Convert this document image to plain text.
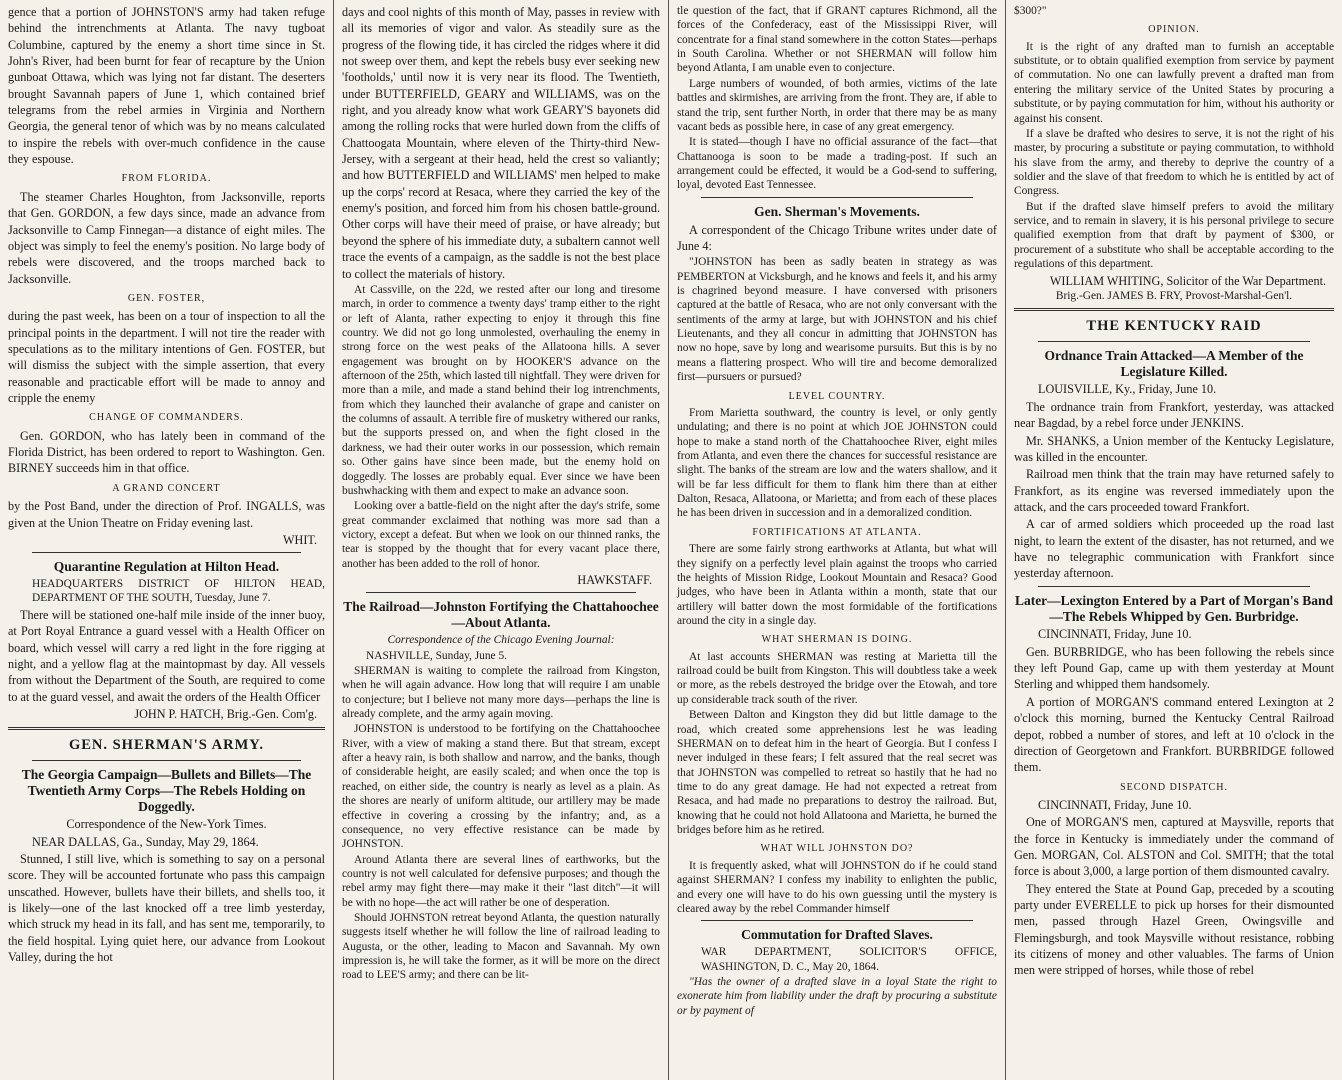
gence that a portion of JOHNSTON'S army had taken refuge behind the intrenchments at Atlanta. The navy tugboat Columbine, captured by the enemy a short time since in St. John's River, had been burnt for fear of recapture by the Union gunboat Ottawa, which was lying not far distant. The deserters brought Savannah papers of June 1, which contained brief telegrams from the rebel armies in Virginia and Northern Georgia, the general tenor of which was by no means calculated to inspire the rebels with over-much confidence in the cause they espouse.

FROM FLORIDA.

The steamer Charles Houghton, from Jacksonville, reports that Gen. GORDON, a few days since, made an advance from Jacksonville to Camp Finnegan—a distance of eight miles. The object was simply to feel the enemy's position. No large body of rebels were discovered, and the troops marched back to Jacksonville.

GEN. FOSTER,

during the past week, has been on a tour of inspection to all the principal points in the department. I will not tire the reader with speculations as to the military intentions of Gen. FOSTER, but will dismiss the subject with the simple assertion, that every reasonable and practicable effort will be made to annoy and cripple the enemy

CHANGE OF COMMANDERS.

Gen. GORDON, who has lately been in command of the Florida District, has been ordered to report to Washington. Gen. BIRNEY succeeds him in that office.

A GRAND CONCERT

by the Post Band, under the direction of Prof. INGALLS, was given at the Union Theatre on Friday evening last.

WHIT.
Quarantine Regulation at Hilton Head.

HEADQUARTERS DISTRICT OF HILTON HEAD, DEPARTMENT OF THE SOUTH, Tuesday, June 7.

There will be stationed one-half mile inside of the inner buoy, at Port Royal Entrance a guard vessel with a Health Officer on board, which vessel will carry a red light in the fore rigging at night, and a yellow flag at the maintopmast by day. All vessels from without the Department of the South, are required to come to at the guard vessel, and await the orders of the Health Officer

JOHN P. HATCH, Brig.-Gen. Com'g.
GEN. SHERMAN'S ARMY.
The Georgia Campaign—Bullets and Billets—The Twentieth Army Corps—The Rebels Holding on Doggedly.

Correspondence of the New-York Times.

NEAR DALLAS, Ga., Sunday, May 29, 1864.

Stunned, I still live, which is something to say on a personal score. They will be accounted fortunate who pass this campaign unscathed. However, bullets have their billets, and shells too, it is likely—one of the last knocked off a tree limb yesterday, which struck my head in its fall, and has sent me, temporarily, to the field hospital. Lying quiet here, our advance from Lookout Valley, during the hot

days and cool nights of this month of May, passes in review with all its memories of vigor and valor. As steadily sure as the progress of the flowing tide, it has circled the ridges where it did not sweep over them, and kept the rebels busy ever seeking new 'footholds,' until now it is very near its flood. The Twentieth, under BUTTERFIELD, GEARY and WILLIAMS, was on the right, and you already know what work GEARY'S bayonets did among the rolling rocks that were hurled down from the cliffs of Chattoogata Mountain, where eleven of the Thirty-third New-Jersey, with a sergeant at their head, held the crest so valiantly; and how BUTTERFIELD and WILLIAMS' men helped to make up the corps' record at Resaca, where they carried the key of the enemy's position, and forced him from his chosen battle-ground. Other corps will have their meed of praise, or have already; but beyond the sphere of his immediate duty, a subaltern cannot well trace the events of a campaign, as the saddle is not the best place to collect the materials of history.

At Cassville, on the 22d, we rested after our long and tiresome march, in order to commence a twenty days' tramp either to the right or left of Alanta, rather expecting to enjoy it through this fine country. We did not go long unmolested, overhauling the enemy in strong force on the west peaks of the Allatoona hills. A sever engagement was brought on by HOOKER'S advance on the afternoon of the 25th, which lasted till nightfall. They were driven for more than a mile, and made a stand behind their log intrenchments, from which they launched their avalanche of grape and canister on the columns of assault. A terrible fire of musketry withered our ranks, but the supports pressed on, and when the fight closed in the darkness, we had their outer works in our possession, which remain so. Other gains have since been made, but the enemy hold on doggedly. The losses are probably equal. Ever since we have been bushwhacking with them and expect to make an advance soon.

Looking over a battle-field on the night after the day's strife, some great commander exclaimed that nothing was more sad than a victory, except a defeat. But when we look on our thinned ranks, the tear is stopped by the thought that for every vacant place there, another has been added to the roll of honor.

HAWKSTAFF.
The Railroad—Johnston Fortifying the Chattahoochee—About Atlanta.

Correspondence of the Chicago Evening Journal:

NASHVILLE, Sunday, June 5.

SHERMAN is waiting to complete the railroad from Kingston, when he will again advance. How long that will require I am unable to conjecture; but I believe not many more days—perhaps the line is already complete, and the army again moving.

JOHNSTON is understood to be fortifying on the Chattahoochee River, with a view of making a stand there. But that stream, except after a heavy rain, is both shallow and narrow, and the banks, though of considerable height, are easily scaled; and when once the top is reached, on either side, the country is nearly as level as a plain. As the shores are nearly of uniform altitude, our artillery may be made effective in covering a crossing by the infantry; and, as a consequence, no very effective resistance can be made by JOHNSTON.

Around Atlanta there are several lines of earthworks, but the country is not well calculated for defensive purposes; and though the rebel army may fight there—may make it their "last ditch"—it will be with no hope—the act will rather be one of desperation.

Should JOHNSTON retreat beyond Atlanta, the question naturally suggests itself whether he will follow the line of railroad leading to Augusta, or the other, leading to Macon and Savannah. My own impression is, he will take the former, as it will be more on the direct road to LEE'S army; and there can be lit-

tle question of the fact, that if GRANT captures Richmond, all the forces of the Confederacy, east of the Mississippi River, will concentrate for a final stand somewhere in the cotton States—perhaps in South Carolina. Whether or not SHERMAN will follow him beyond Atlanta, I am unable even to conjecture.

Large numbers of wounded, of both armies, victims of the late battles and skirmishes, are arriving from the front. They are, if able to stand the trip, sent further North, in order that there may be as many vacant beds as possible here, in case of any great emergency.

It is stated—though I have no official assurance of the fact—that Chattanooga is soon to be made a trading-post. If such an arrangement could be effected, it would be a God-send to suffering, loyal, devoted East Tennessee.

Gen. Sherman's Movements.

A correspondent of the Chicago Tribune writes under date of June 4:

"JOHNSTON has been as sadly beaten in strategy as was PEMBERTON at Vicksburgh, and he knows and feels it, and his army is chagrined beyond measure. I have conversed with prisoners captured at the battle of Resaca, who are not only conversant with the sentiments of the army at large, but with JOHNSTON and his chief Lieutenants, and they all concur in admitting that JOHNSTON has now no hope, save by long and wearisome pursuits. But this is by no means a flattering prospect. Who will tire and become demoralized first—pursuers or pursued?

LEVEL COUNTRY.

From Marietta southward, the country is level, or only gently undulating; and there is no point at which JOE JOHNSTON could hope to make a stand north of the Chattahoochee River, eight miles from Atlanta, and even there the chances for successful resistance are slight. The banks of the stream are low and the waters shallow, and it will be far less difficult for them to flank him there than at either Dalton, Resaca, Allatoona, or Marietta; and from each of these places he has been driven in succession and in a demoralized condition.

FORTIFICATIONS AT ATLANTA.

There are some fairly strong earthworks at Atlanta, but what will they signify on a perfectly level plain against the troops who carried the heights of Mission Ridge, Lookout Mountain and Resaca? Good judges, who have been in Atlanta within a month, state that our artillery will batter down the most formidable of the fortifications around the city in a single day.

WHAT SHERMAN IS DOING.

At last accounts SHERMAN was resting at Marietta till the railroad could be built from Kingston. This will doubtless take a week or more, as the rebels destroyed the bridge over the Etowah, and tore up considerable track south of the river.

Between Dalton and Kingston they did but little damage to the road, which created some apprehensions lest he was leading SHERMAN on to defeat him in the heart of Georgia. But I confess I never indulged in these fears; I felt assured that the real secret was that JOHNSTON was compelled to retreat so hastily that he had no time to do any great damage. He had not expected a retreat from Resaca, and had made no preparations to destroy the railroad. But, knowing that he could not hold Allatoona and Marietta, he burned the bridges before him as he retired.

WHAT WILL JOHNSTON DO?

It is frequently asked, what will JOHNSTON do if he could stand against SHERMAN? I confess my inability to enlighten the public, and every one will have to do his own guessing until the mystery is cleared away by the rebel Commander himself

Commutation for Drafted Slaves.

WAR DEPARTMENT, SOLICITOR'S OFFICE, WASHINGTON, D. C., May 20, 1864.

"Has the owner of a drafted slave in a loyal State the right to exonerate him from liability under the draft by procuring a substitute or by payment of

$300?"

OPINION.

It is the right of any drafted man to furnish an acceptable substitute, or to obtain qualified exemption from service by payment of commutation. No one can lawfully prevent a drafted man from entering the military service of the United States by procuring a substitute, or by paying commutation for him, without his authority or against his consent.

If a slave be drafted who desires to serve, it is not the right of his master, by procuring a substitute or paying commutation, to withhold his slave from the army, and thereby to deprive the country of a soldier and the slave of that freedom to which he is entitled by act of Congress.

But if the drafted slave himself prefers to avoid the military service, and to remain in slavery, it is his personal privilege to secure qualified exemption from that draft by payment of $300, or procurement of a substitute who shall be acceptable according to the regulations of this department.

WILLIAM WHITING, Solicitor of the War Department.

Brig.-Gen. JAMES B. FRY, Provost-Marshal-Gen'l.

THE KENTUCKY RAID
Ordnance Train Attacked—A Member of the Legislature Killed.

LOUISVILLE, Ky., Friday, June 10.

The ordnance train from Frankfort, yesterday, was attacked near Bagdad, by a rebel force under JENKINS.

Mr. SHANKS, a Union member of the Kentucky Legislature, was killed in the encounter.

Railroad men think that the train may have returned safely to Frankfort, as its engine was reversed immediately upon the attack, and the cars proceeded toward Frankfort.

A car of armed soldiers which proceeded up the road last night, to learn the extent of the disaster, has not returned, and we have no telegraphic communication with Frankfort since yesterday afternoon.

Later—Lexington Entered by a Part of Morgan's Band—The Rebels Whipped by Gen. Burbridge.

CINCINNATI, Friday, June 10.

Gen. BURBRIDGE, who has been following the rebels since they left Pound Gap, came up with them yesterday at Mount Sterling and whipped them handsomely.

A portion of MORGAN'S command entered Lexington at 2 o'clock this morning, burned the Kentucky Central Railroad depot, robbed a number of stores, and left at 10 o'clock in the direction of Georgetown and Frankfort. BURBRIDGE followed them.

SECOND DISPATCH.

CINCINNATI, Friday, June 10.

One of MORGAN'S men, captured at Maysville, reports that the force in Kentucky is immediately under the command of Gen. MORGAN, Col. ALSTON and Col. SMITH; that the total force is about 3,000, a large portion of them dismounted cavalry.

They entered the State at Pound Gap, preceded by a scouting party under EVERELLE to pick up horses for their dismounted men, passed through Hazel Green, Owingsville and Flemingsburgh, and took Maysville without resistance, robbing its citizens of money and other valuables. The farms of Union men were stripped of horses, while those of rebel
